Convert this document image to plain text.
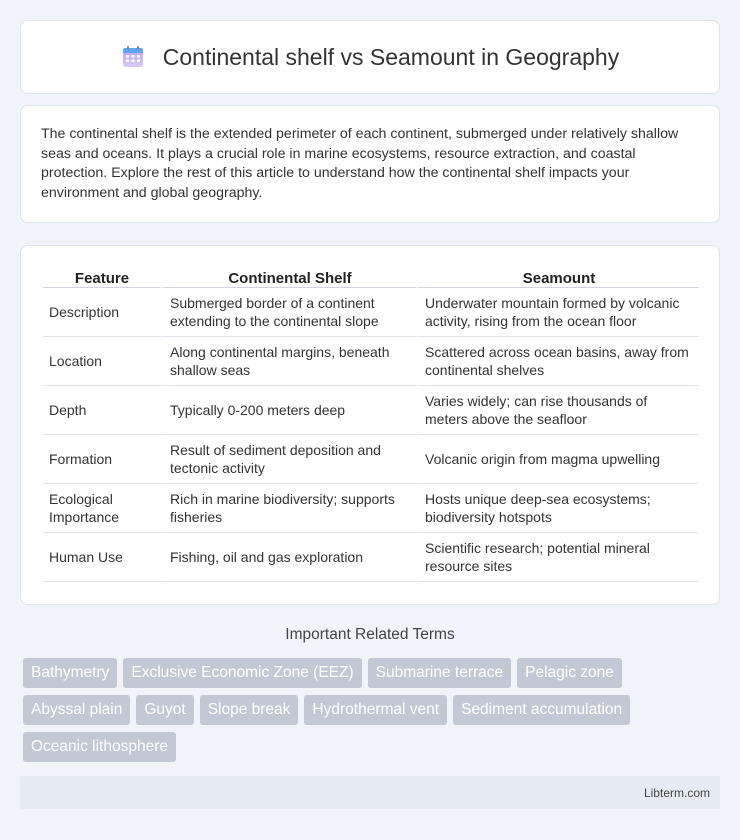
Continental shelf vs Seamount in Geography

The continental shelf is the extended perimeter of each continent, submerged under relatively shallow seas and oceans. It plays a crucial role in marine ecosystems, resource extraction, and coastal protection. Explore the rest of this article to understand how the continental shelf impacts your environment and global geography.

Feature	Continental Shelf	Seamount
Description	Submerged border of a continent extending to the continental slope	Underwater mountain formed by volcanic activity, rising from the ocean floor
Location	Along continental margins, beneath shallow seas	Scattered across ocean basins, away from continental shelves
Depth	Typically 0-200 meters deep	Varies widely; can rise thousands of meters above the seafloor
Formation	Result of sediment deposition and tectonic activity	Volcanic origin from magma upwelling
Ecological Importance	Rich in marine biodiversity; supports fisheries	Hosts unique deep-sea ecosystems; biodiversity hotspots
Human Use	Fishing, oil and gas exploration	Scientific research; potential mineral resource sites
Important Related Terms
Bathymetry	Exclusive Economic Zone (EEZ)	Submarine terrace	Pelagic zone
Abyssal plain	Guyot	Slope break	Hydrothermal vent	Sediment accumulation
Oceanic lithosphere
Libterm.com
